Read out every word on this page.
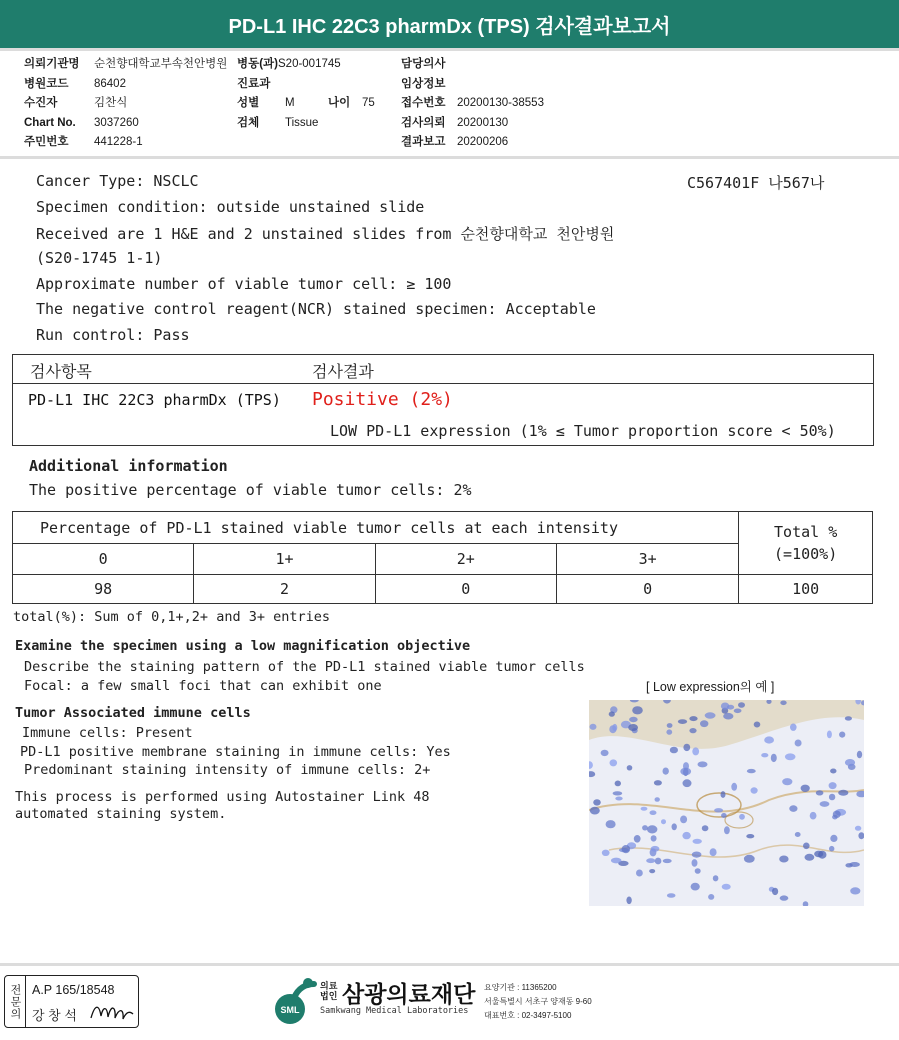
PD-L1 IHC 22C3 pharmDx (TPS) 검사결과보고서
의뢰기관명 순천향대학교부속천안병원
병원코드 86402
수진자	김찬식
Chart No. 3037260
주민번호 441228-1
병동(과)S20-001745
진료과
성별 M	나이 75
검체 Tissue
담당의사
임상정보
접수번호 20200130-38553
검사의뢰 20200130
결과보고 20200206
Cancer Type: NSCLC	C567401F 나567나
Specimen condition: outside unstained slide
Received are 1 H&E and 2 unstained slides from 순천향대학교 천안병원
(S20-1745 1-1)
Approximate number of viable tumor cell: ≥ 100
The negative control reagent(NCR) stained specimen: Acceptable
Run control: Pass
검사항목	검사결과
PD-L1 IHC 22C3 pharmDx (TPS) Positive (2%)
LOW PD-L1 expression (1% ≤ Tumor proportion score < 50%)
Additional information
The positive percentage of viable tumor cells: 2%
Percentage of PD-L1 stained viable tumor cells at each intensity				Total %
(=100%)

0	1+	2+	3+	
98	2	0	0	100
total(%): Sum of 0,1+,2+ and 3+ entries
Examine the specimen using a low magnification objective
Describe the staining pattern of the PD-L1 stained viable tumor cells
Focal: a few small foci that can exhibit one	[ Low expression의 예 ]
Tumor Associated immune cells
Immune cells: Present
PD-L1 positive membrane staining in immune cells: Yes
Predominant staining intensity of immune cells: 2+
This process is performed using Autostainer Link 48
automated staining system.
전문의 A.P 165/18548
강 창 석	SML
의료
법인 삼광의료재단
Samkwang Medical Laboratories
요양기관 : 11365200
서울특별시 서초구 양재동 9-60
대표번호 : 02-3497-5100
